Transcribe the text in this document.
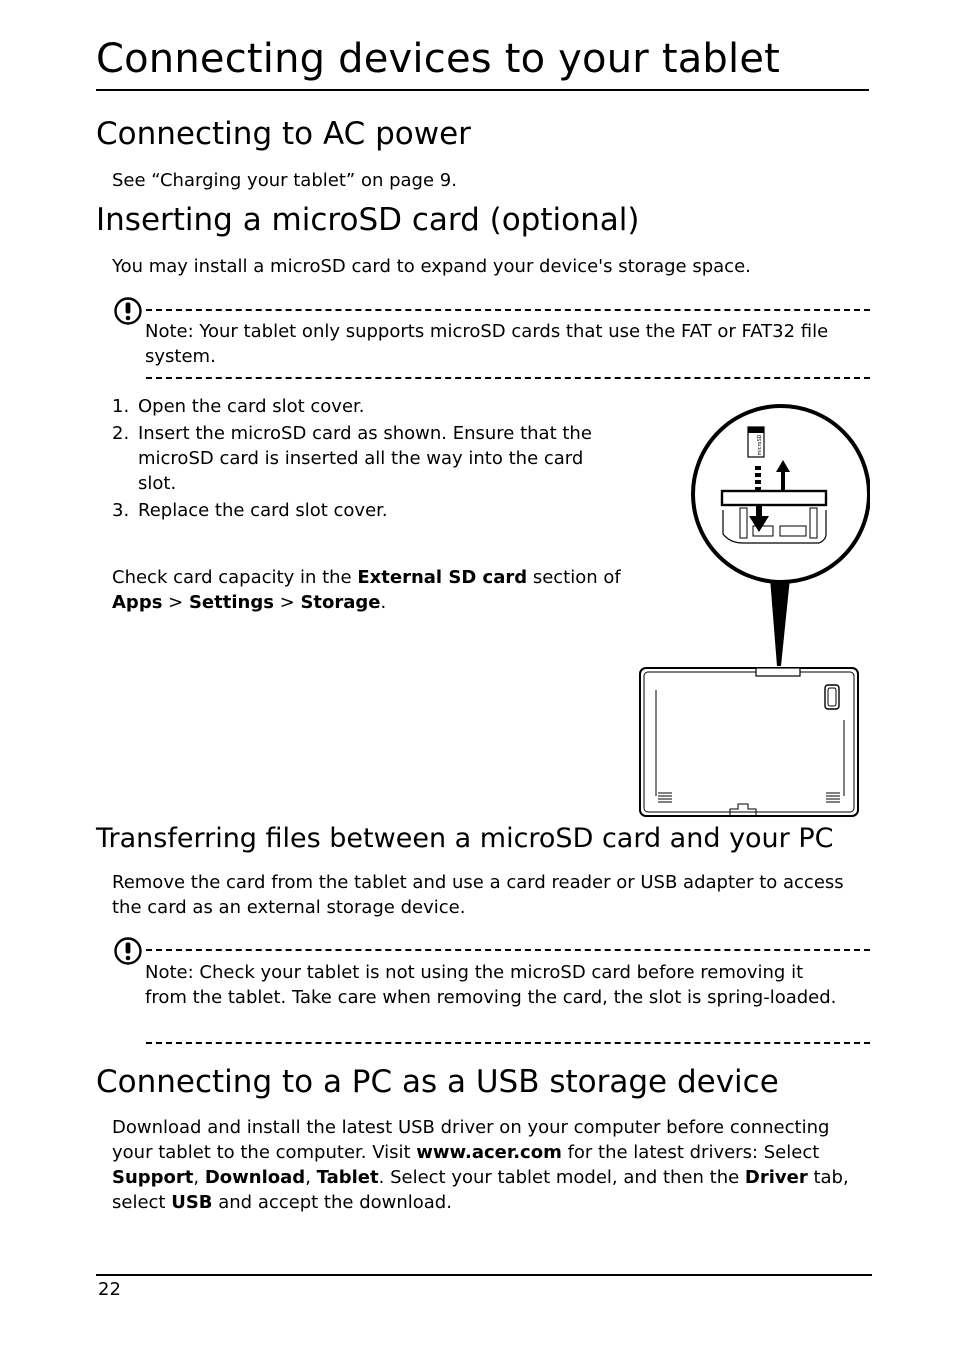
Connecting devices to your tablet
Connecting to AC power
See “Charging your tablet” on page 9.
Inserting a microSD card (optional)
You may install a microSD card to expand your device's storage space.
Note: Your tablet only supports microSD cards that use the FAT or FAT32 file
system.
1. Open the card slot cover.
2. Insert the microSD card as shown. Ensure that the microSD card is inserted all the way into the card slot.
3. Replace the card slot cover.
Check card capacity in the External SD card section of
Apps > Settings > Storage.
microSD
Transferring files between a microSD card and your PC
Remove the card from the tablet and use a card reader or USB adapter to access the card as an external storage device.
Note: Check your tablet is not using the microSD card before removing it from the tablet. Take care when removing the card, the slot is spring-loaded.
Connecting to a PC as a USB storage device
Download and install the latest USB driver on your computer before connecting your tablet to the computer. Visit www.acer.com for the latest drivers: Select Support, Download, Tablet. Select your tablet model, and then the Driver tab, select USB and accept the download.
22
